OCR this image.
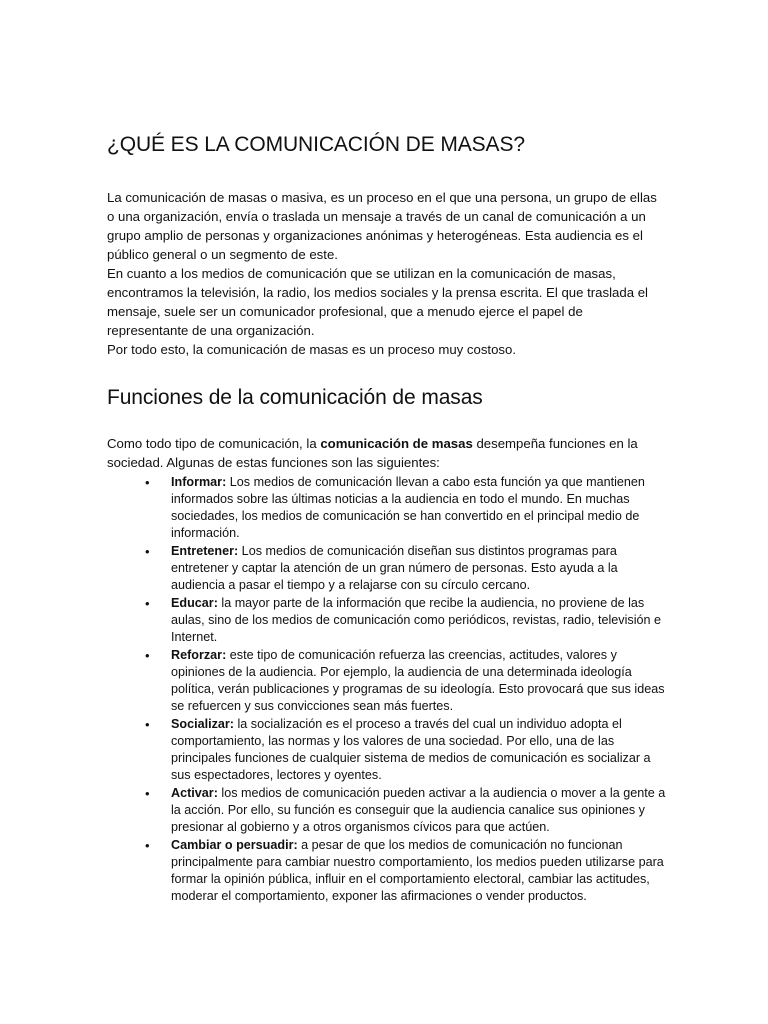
¿QUÉ ES LA COMUNICACIÓN DE MASAS?

La comunicación de masas o masiva, es un proceso en el que una persona, un grupo de ellas o una organización, envía o traslada un mensaje a través de un canal de comunicación a un grupo amplio de personas y organizaciones anónimas y heterogéneas. Esta audiencia es el público general o un segmento de este.

En cuanto a los medios de comunicación que se utilizan en la comunicación de masas, encontramos la televisión, la radio, los medios sociales y la prensa escrita. El que traslada el mensaje, suele ser un comunicador profesional, que a menudo ejerce el papel de representante de una organización.

Por todo esto, la comunicación de masas es un proceso muy costoso.

Funciones de la comunicación de masas
Como todo tipo de comunicación, la comunicación de masas desempeña funciones en la sociedad. Algunas de estas funciones son las siguientes:
• Informar: Los medios de comunicación llevan a cabo esta función ya que mantienen informados sobre las últimas noticias a la audiencia en todo el mundo. En muchas sociedades, los medios de comunicación se han convertido en el principal medio de información.
• Entretener: Los medios de comunicación diseñan sus distintos programas para entretener y captar la atención de un gran número de personas. Esto ayuda a la audiencia a pasar el tiempo y a relajarse con su círculo cercano.
• Educar: la mayor parte de la información que recibe la audiencia, no proviene de las aulas, sino de los medios de comunicación como periódicos, revistas, radio, televisión e Internet.
• Reforzar: este tipo de comunicación refuerza las creencias, actitudes, valores y opiniones de la audiencia. Por ejemplo, la audiencia de una determinada ideología política, verán publicaciones y programas de su ideología. Esto provocará que sus ideas se refuercen y sus convicciones sean más fuertes.
• Socializar: la socialización es el proceso a través del cual un individuo adopta el comportamiento, las normas y los valores de una sociedad. Por ello, una de las principales funciones de cualquier sistema de medios de comunicación es socializar a sus espectadores, lectores y oyentes.
• Activar: los medios de comunicación pueden activar a la audiencia o mover a la gente a la acción. Por ello, su función es conseguir que la audiencia canalice sus opiniones y presionar al gobierno y a otros organismos cívicos para que actúen.
• Cambiar o persuadir: a pesar de que los medios de comunicación no funcionan principalmente para cambiar nuestro comportamiento, los medios pueden utilizarse para formar la opinión pública, influir en el comportamiento electoral, cambiar las actitudes, moderar el comportamiento, exponer las afirmaciones o vender productos.
